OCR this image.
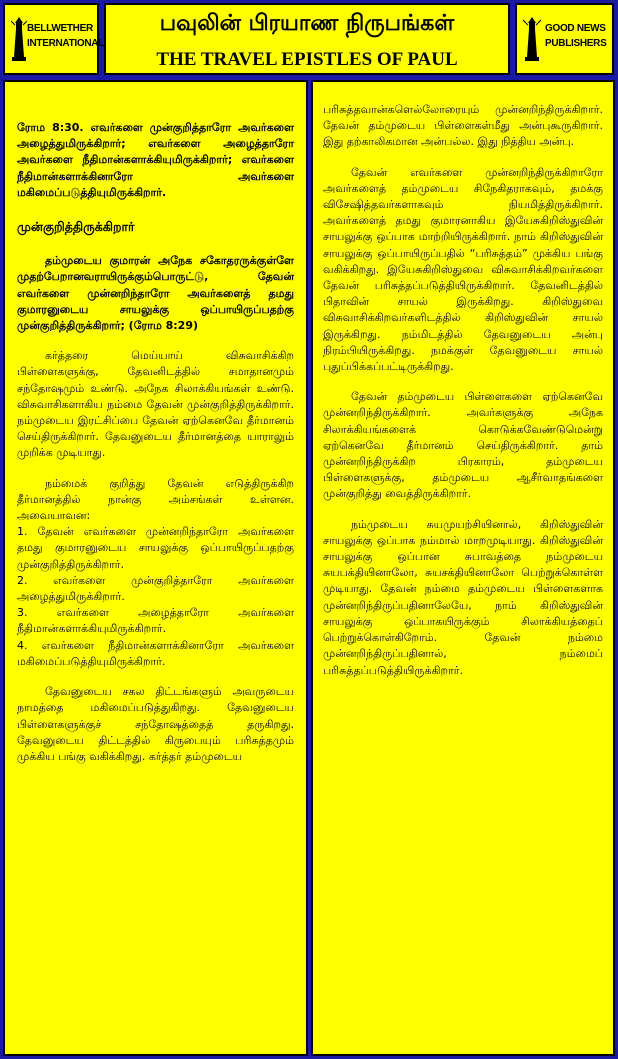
BELLWETHER
INTERNATIONAL
பவுலின் பிரயாண நிருபங்கள்
THE TRAVEL EPISTLES OF PAUL
GOOD NEWS
PUBLISHERS

ரோம 8:30. எவர்களை முன்குறித்தாரோ அவர்களை அழைத்துமிருக்கிறார்; எவர்களை அழைத்தாரோ அவர்களை நீதிமான்களாக்கியுமிருக்கிறார்; எவர்களை நீதிமான்களாக்கினாரோ அவர்களை மகிமைப்படுத்தியுமிருக்கிறார்.

முன்குறித்திருக்கிறார்

தம்முடைய குமாரன் அநேக சகோதரருக்குள்ளே முதற்பேறானவராயிருக்கும்பொருட்டு, தேவன் எவர்களை முன்னறிந்தாரோ அவர்களைத் தமது குமாரனுடைய சாயலுக்கு ஒப்பாயிருப்பதற்கு முன்குறித்திருக்கிறார்; (ரோம 8:29)

கர்த்தரை மெய்யாய் விசுவாசிக்கிற பிள்ளைகளுக்கு, தேவனிடத்தில் சமாதானமும் சந்தோஷமும் உண்டு. அநேக சிலாக்கியங்கள் உண்டு. விசுவாசிகளாகிய நம்மை தேவன் முன்குறித்திருக்கிறார். நம்முடைய இரட்சிப்பை தேவன் ஏற்கெனவே தீர்மானம் செய்திருக்கிறார். தேவனுடைய தீர்மானத்தை யாராலும் முறிக்க முடியாது.

நம்மைக் குறித்து தேவன் எடுத்திருக்கிற தீர்மானத்தில் நான்கு அம்சங்கள் உள்ளன. அவையாவன:

1. தேவன் எவர்களை முன்னறிந்தாரோ அவர்களை தமது குமாரனுடைய சாயலுக்கு ஒப்பாயிருப்பதற்கு முன்குறித்திருக்கிறார்.

2. எவர்களை முன்குறித்தாரோ அவர்களை அழைத்துமிருக்கிறார்.

3. எவர்களை அழைத்தாரோ அவர்களை நீதிமான்களாக்கியுமிருக்கிறார்.

4. எவர்களை நீதிமான்களாக்கினாரோ அவர்களை மகிமைப்படுத்தியுமிருக்கிறார்.

தேவனுடைய சகல திட்டங்களும் அவருடைய நாமத்தை மகிமைப்படுத்துகிறது. தேவனுடைய பிள்ளைகளுக்குச் சந்தோஷத்தைத் தருகிறது. தேவனுடைய திட்டத்தில் கிருபையும் பரிசுத்தமும் முக்கிய பங்கு வகிக்கிறது. கர்த்தர் தம்முடைய

பரிசுத்தவான்களெல்லோரையும் முன்னறிந்திருக்கிறார். தேவன் தம்முடைய பிள்ளைகள்மீது அன்புகூருகிறார். இது தற்காலிகமான அன்பல்ல. இது நித்திய அன்பு.

தேவன் எவர்களை முன்னறிந்திருக்கிறாரோ அவர்களைத் தம்முடைய சிநேகிதராகவும், தமக்கு விசேஷித்தவர்களாகவும் நியமித்திருக்கிறார். அவர்களைத் தமது குமாரனாகிய இயேசுகிறிஸ்துவின் சாயலுக்கு ஒப்பாக மாற்றியிருக்கிறார். நாம் கிறிஸ்துவின் சாயலுக்கு ஒப்பாயிருப்பதில் “பரிசுத்தம்” முக்கிய பங்கு வகிக்கிறது. இயேசுகிறிஸ்துவை விசுவாசிக்கிறவர்களை தேவன் பரிசுத்தப்படுத்தியிருக்கிறார். தேவனிடத்தில் பிதாவின் சாயல் இருக்கிறது. கிறிஸ்துவை விசுவாசிக்கிறவர்களிடத்தில் கிறிஸ்துவின் சாயல் இருக்கிறது. நம்மிடத்தில் தேவனுடைய அன்பு நிரம்பியிருக்கிறது. நமக்குள் தேவனுடைய சாயல் புதுப்பிக்கப்பட்டிருக்கிறது.

தேவன் தம்முடைய பிள்ளைகளை ஏற்கெனவே முன்னறிந்திருக்கிறார். அவர்களுக்கு அநேக சிலாக்கியங்களைக் கொடுக்கவேண்டுமென்று ஏற்கெனவே தீர்மானம் செய்திருக்கிறார். தாம் முன்னறிந்திருக்கிற பிரகாரம், தம்முடைய பிள்ளைகளுக்கு, தம்முடைய ஆசீர்வாதங்களை முன்குறித்து வைத்திருக்கிறார்.

நம்முடைய சுயமுயற்சியினால், கிறிஸ்துவின் சாயலுக்கு ஒப்பாக நம்மால் மாறமுடியாது. கிறிஸ்துவின் சாயலுக்கு ஒப்பான சுபாவத்தை நம்முடைய சுயபக்தியினாலோ, சுயசக்தியினாலோ பெற்றுக்கொள்ள முடியாது. தேவன் நம்மை தம்முடைய பிள்ளைகளாக முன்னறிந்திருப்பதினாலேயே, நாம் கிறிஸ்துவின் சாயலுக்கு ஒப்பாகயிருக்கும் சிலாக்கியத்தைப் பெற்றுக்கொள்கிறோம். தேவன் நம்மை முன்னறிந்திருப்பதினால், நம்மைப் பரிசுத்தப்படுத்தியிருக்கிறார்.
